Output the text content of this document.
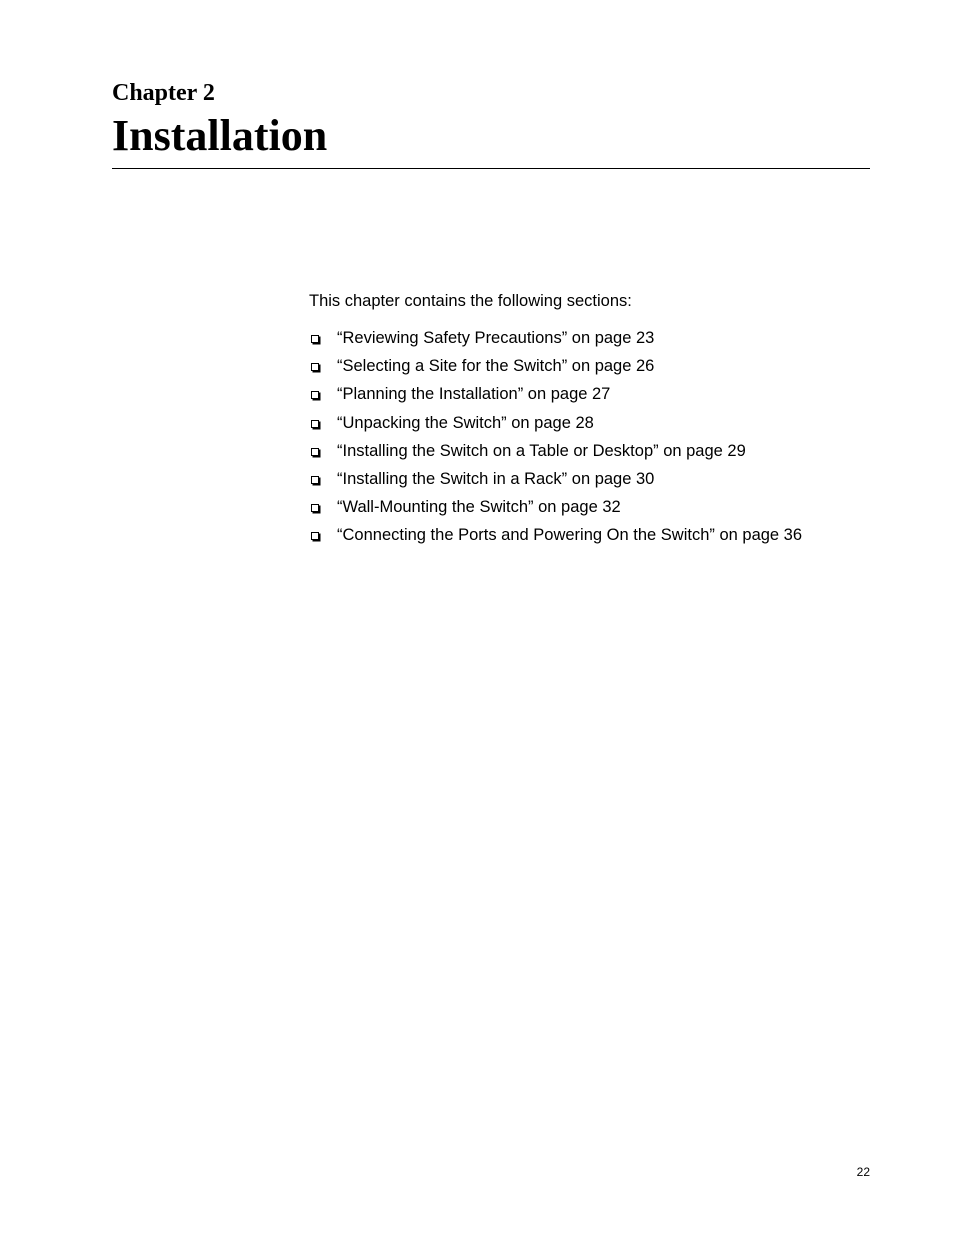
Chapter 2
Installation

This chapter contains the following sections:

“Reviewing Safety Precautions” on page 23
“Selecting a Site for the Switch” on page 26
“Planning the Installation” on page 27
“Unpacking the Switch” on page 28
“Installing the Switch on a Table or Desktop” on page 29
“Installing the Switch in a Rack” on page 30
“Wall-Mounting the Switch” on page 32
“Connecting the Ports and Powering On the Switch” on page 36
22
